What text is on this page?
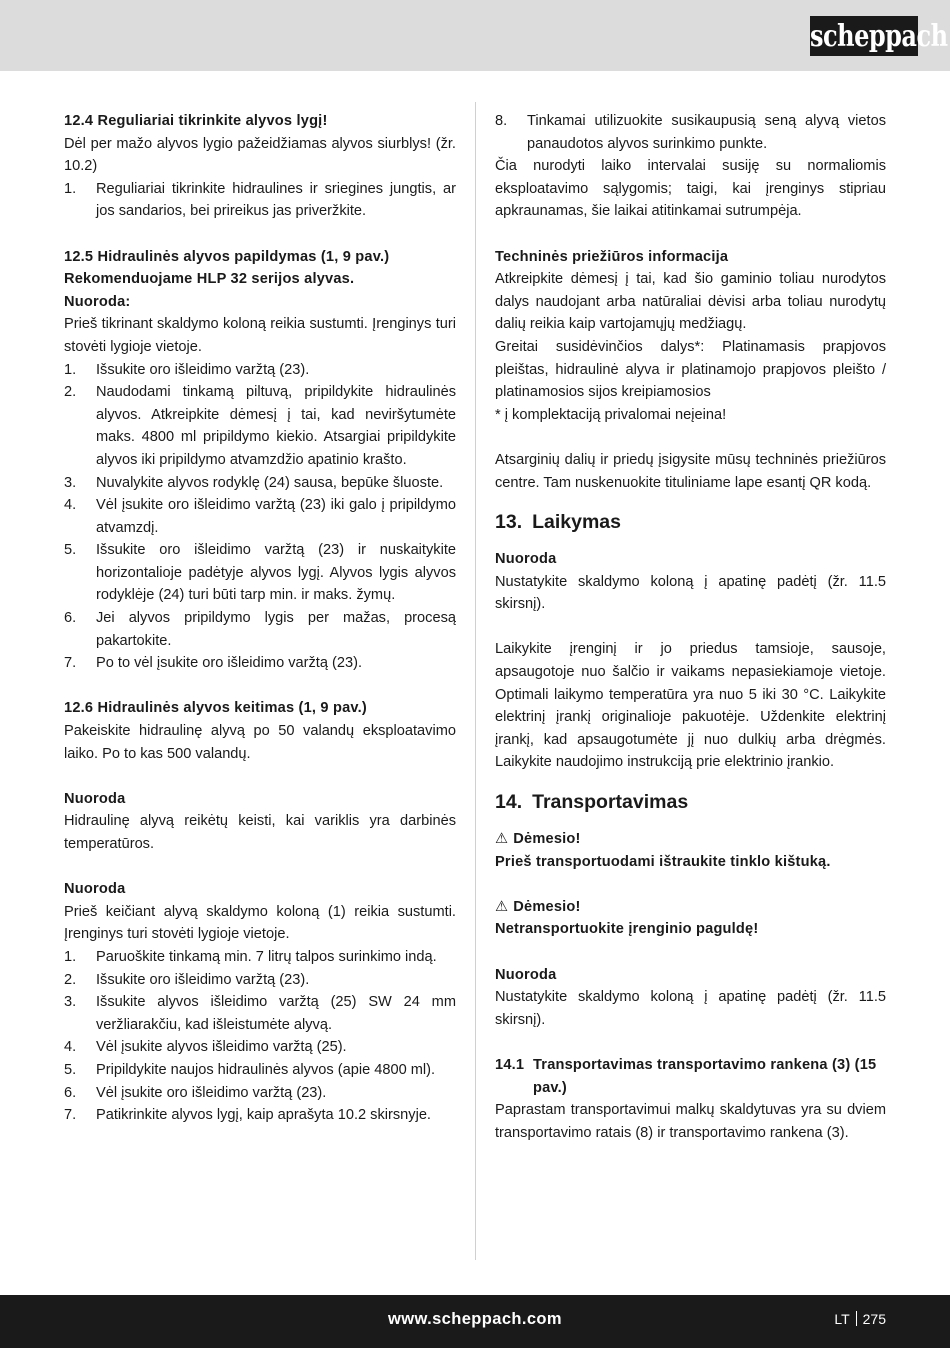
scheppach

12.4 Reguliariai tikrinkite alyvos lygį!

Dėl per mažo alyvos lygio pažeidžiamas alyvos siurblys! (žr. 10.2)

1.	Reguliariai tikrinkite hidraulines ir sriegines jungtis, ar jos sandarios, bei prireikus jas priveržkite.

12.5 Hidraulinės alyvos papildymas (1, 9 pav.)

Rekomenduojame HLP 32 serijos alyvas.

Nuoroda:

Prieš tikrinant skaldymo koloną reikia sustumti. Įrenginys turi stovėti lygioje vietoje.

1.	Išsukite oro išleidimo varžtą (23).
2.	Naudodami tinkamą piltuvą, pripildykite hidraulinės alyvos. Atkreipkite dėmesį į tai, kad neviršytumėte maks. 4800 ml pripildymo kiekio. Atsargiai pripildykite alyvos iki pripildymo atvamzdžio apatinio krašto.
3.	Nuvalykite alyvos rodyklę (24) sausa, bepūke šluoste.
4.	Vėl įsukite oro išleidimo varžtą (23) iki galo į pripildymo atvamzdį.
5.	Išsukite oro išleidimo varžtą (23) ir nuskaitykite horizontalioje padėtyje alyvos lygį. Alyvos lygis alyvos rodyklėje (24) turi būti tarp min. ir maks. žymų.
6.	Jei alyvos pripildymo lygis per mažas, procesą pakartokite.
7.	Po to vėl įsukite oro išleidimo varžtą (23).

12.6 Hidraulinės alyvos keitimas (1, 9 pav.)

Pakeiskite hidraulinę alyvą po 50 valandų eksploatavimo laiko. Po to kas 500 valandų.

Nuoroda

Hidraulinę alyvą reikėtų keisti, kai variklis yra darbinės temperatūros.

Nuoroda

Prieš keičiant alyvą skaldymo koloną (1) reikia sustumti. Įrenginys turi stovėti lygioje vietoje.

1.	Paruoškite tinkamą min. 7 litrų talpos surinkimo indą.
2.	Išsukite oro išleidimo varžtą (23).
3.	Išsukite alyvos išleidimo varžtą (25) SW 24 mm veržliarakčiu, kad išleistumėte alyvą.
4.	Vėl įsukite alyvos išleidimo varžtą (25).
5.	Pripildykite naujos hidraulinės alyvos (apie 4800 ml).
6.	Vėl įsukite oro išleidimo varžtą (23).
7.	Patikrinkite alyvos lygį, kaip aprašyta 10.2 skirsnyje.
8.	Tinkamai utilizuokite susikaupusią seną alyvą vietos panaudotos alyvos surinkimo punkte.

Čia nurodyti laiko intervalai susiję su normaliomis eksploatavimo sąlygomis; taigi, kai įrenginys stipriau apkraunamas, šie laikai atitinkamai sutrumpėja.

Techninės priežiūros informacija

Atkreipkite dėmesį į tai, kad šio gaminio toliau nurodytos dalys naudojant arba natūraliai dėvisi arba toliau nurodytų dalių reikia kaip vartojamųjų medžiagų.

Greitai susidėvinčios dalys*: Platinamasis prapjovos pleištas, hidraulinė alyva ir platinamojo prapjovos pleišto / platinamosios sijos kreipiamosios

* į komplektaciją privalomai neįeina!

Atsarginių dalių ir priedų įsigysite mūsų techninės priežiūros centre. Tam nuskenuokite tituliniame lape esantį QR kodą.

13. Laikymas

Nuoroda

Nustatykite skaldymo koloną į apatinę padėtį (žr. 11.5 skirsnį).

Laikykite įrenginį ir jo priedus tamsioje, sausoje, apsaugotoje nuo šalčio ir vaikams nepasiekiamoje vietoje. Optimali laikymo temperatūra yra nuo 5 iki 30 °C. Laikykite elektrinį įrankį originalioje pakuotėje. Uždenkite elektrinį įrankį, kad apsaugotumėte jį nuo dulkių arba drėgmės. Laikykite naudojimo instrukciją prie elektrinio įrankio.

14. Transportavimas

⚠ Dėmesio!

Prieš transportuodami ištraukite tinklo kištuką.

⚠ Dėmesio!

Netransportuokite įrenginio paguldę!

Nuoroda

Nustatykite skaldymo koloną į apatinę padėtį (žr. 11.5 skirsnį).

14.1 Transportavimas transportavimo rankena (3) (15 pav.)

Paprastam transportavimui malkų skaldytuvas yra su dviem transportavimo ratais (8) ir transportavimo rankena (3).

www.scheppach.com	LT 275
